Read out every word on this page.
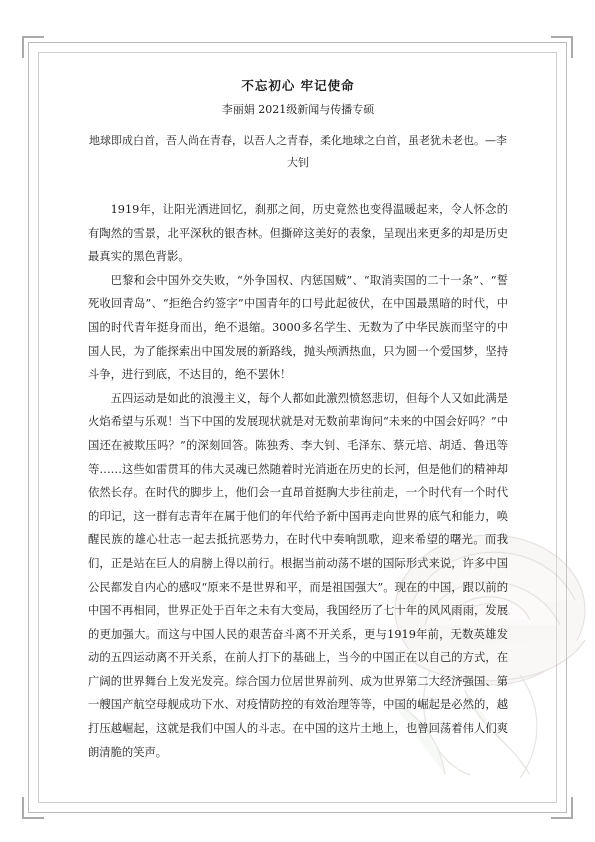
不忘初心 牢记使命

李丽娟 2021级新闻与传播专硕

地球即成白首，吾人尚在青春，以吾人之青春，柔化地球之白首，虽老犹未老也。—李大钊

1919年，让阳光洒进回忆，刹那之间，历史竟然也变得温暖起来，令人怀念的有陶然的雪景，北平深秋的银杏林。但撕碎这美好的表象，呈现出来更多的却是历史最真实的黑色背影。

巴黎和会中国外交失败，“外争国权、内惩国贼”、“取消卖国的二十一条”、“誓死收回青岛”、“拒绝合约签字”中国青年的口号此起彼伏，在中国最黑暗的时代，中国的时代青年挺身而出，绝不退缩。3000多名学生、无数为了中华民族而坚守的中国人民，为了能探索出中国发展的新路线，抛头颅洒热血，只为圆一个爱国梦，坚持斗争，进行到底，不达目的，绝不罢休！

五四运动是如此的浪漫主义，每个人都如此激烈愤怒悲切，但每个人又如此满是火焰希望与乐观！当下中国的发展现状就是对无数前辈询问“未来的中国会好吗？”中国还在被欺压吗？”的深刻回答。陈独秀、李大钊、毛泽东、蔡元培、胡适、鲁迅等等……这些如雷贯耳的伟大灵魂已然随着时光消逝在历史的长河，但是他们的精神却依然长存。在时代的脚步上，他们会一直昂首挺胸大步往前走，一个时代有一个时代的印记，这一群有志青年在属于他们的年代给予新中国再走向世界的底气和能力，唤醒民族的雄心壮志一起去抵抗恶势力，在时代中奏响凯歌，迎来希望的曙光。而我们，正是站在巨人的肩膀上得以前行。根据当前动荡不堪的国际形式来说，许多中国公民都发自内心的感叹“原来不是世界和平，而是祖国强大”。现在的中国，跟以前的中国不再相同，世界正处于百年之未有大变局，我国经历了七十年的风风雨雨，发展的更加强大。而这与中国人民的艰苦奋斗离不开关系，更与1919年前，无数英雄发动的五四运动离不开关系，在前人打下的基础上，当今的中国正在以自己的方式，在广阔的世界舞台上发光发亮。综合国力位居世界前列、成为世界第二大经济强国、第一艘国产航空母舰成功下水、对疫情防控的有效治理等等，中国的崛起是必然的，越打压越崛起，这就是我们中国人的斗志。在中国的这片土地上，也曾回荡着伟人们爽朗清脆的笑声。
